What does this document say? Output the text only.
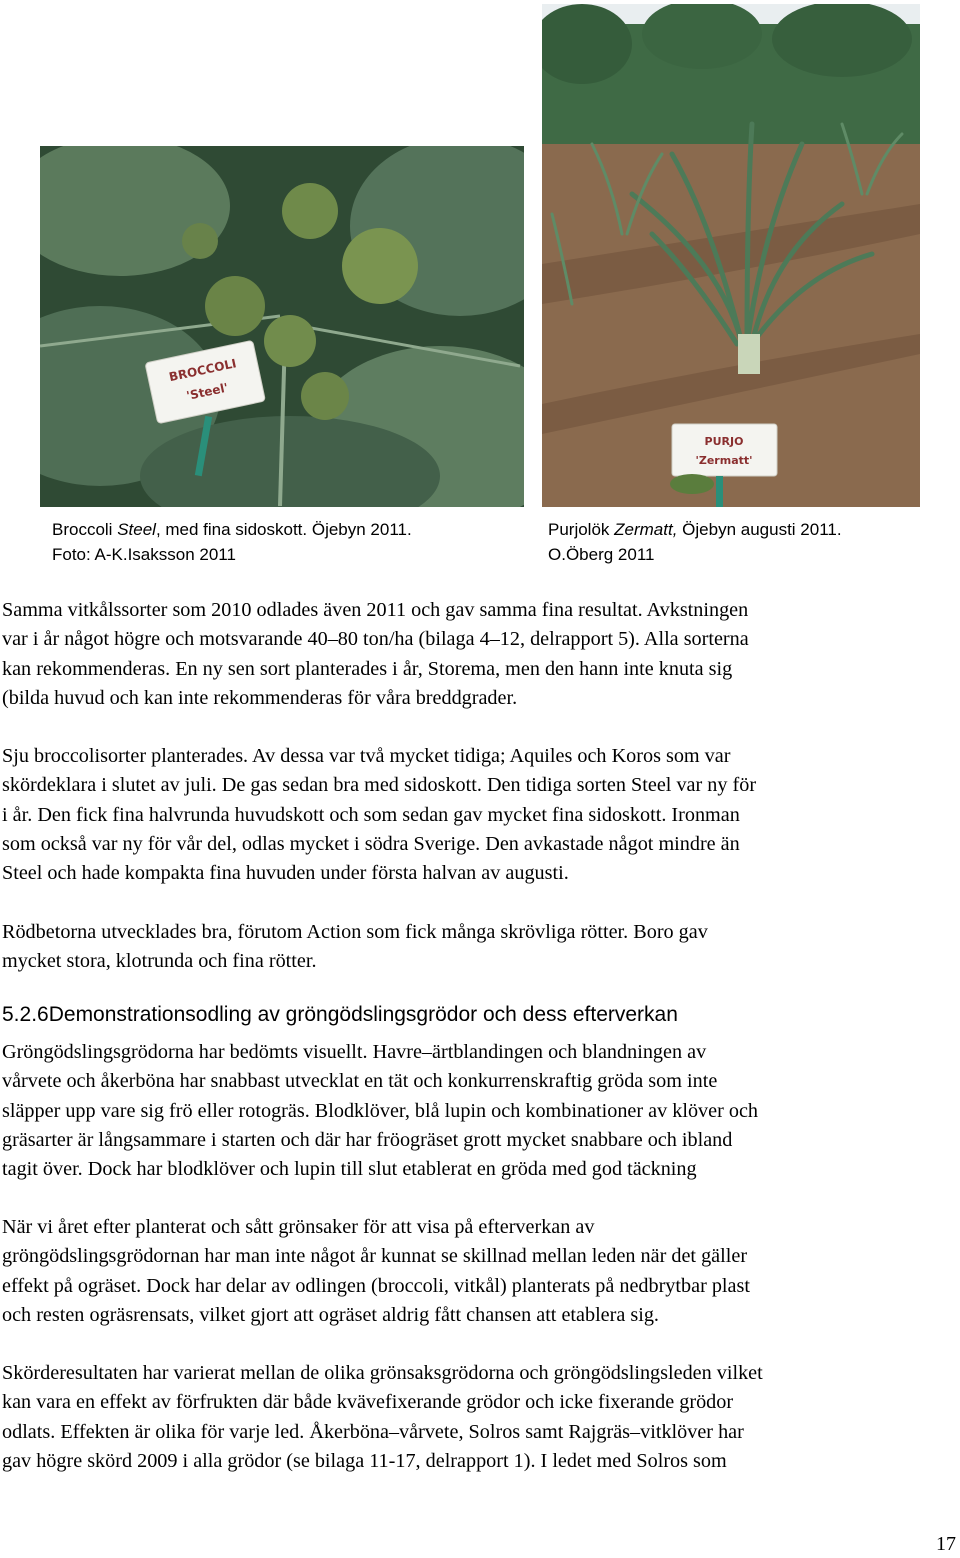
BROCCOLI
'Steel'
PURJO
'Zermatt'
Broccoli Steel, med fina sidoskott. Öjebyn 2011.
Foto: A-K.Isaksson 2011
Purjolök Zermatt, Öjebyn augusti 2011.
O.Öberg 2011
Samma vitkålssorter som 2010 odlades även 2011 och gav samma fina resultat. Avkstningen
var i år något högre och motsvarande 40–80 ton/ha (bilaga 4–12, delrapport 5). Alla sorterna
kan rekommenderas. En ny sen sort planterades i år, Storema, men den hann inte knuta sig
(bilda huvud och kan inte rekommenderas för våra breddgrader.
Sju broccolisorter planterades. Av dessa var två mycket tidiga; Aquiles och Koros som var
skördeklara i slutet av juli. De gas sedan bra med sidoskott. Den tidiga sorten Steel var ny för
i år. Den fick fina halvrunda huvudskott och som sedan gav mycket fina sidoskott. Ironman
som också var ny för vår del, odlas mycket i södra Sverige. Den avkastade något mindre än
Steel och hade kompakta fina huvuden under första halvan av augusti.
Rödbetorna utvecklades bra, förutom Action som fick många skrövliga rötter. Boro gav
mycket stora, klotrunda och fina rötter.
5.2.6Demonstrationsodling av gröngödslingsgrödor och dess efterverkan
Gröngödslingsgrödorna har bedömts visuellt. Havre–ärtblandingen och blandningen av
vårvete och åkerböna har snabbast utvecklat en tät och konkurrenskraftig gröda som inte
släpper upp vare sig frö eller rotogräs. Blodklöver, blå lupin och kombinationer av klöver och
gräsarter är långsammare i starten och där har fröogräset grott mycket snabbare och ibland
tagit över. Dock har blodklöver och lupin till slut etablerat en gröda med god täckning
När vi året efter planterat och sått grönsaker för att visa på efterverkan av
gröngödslingsgrödornan har man inte något år kunnat se skillnad mellan leden när det gäller
effekt på ogräset. Dock har delar av odlingen (broccoli, vitkål) planterats på nedbrytbar plast
och resten ogräsrensats, vilket gjort att ogräset aldrig fått chansen att etablera sig.
Skörderesultaten har varierat mellan de olika grönsaksgrödorna och gröngödslingsleden vilket
kan vara en effekt av förfrukten där både kvävefixerande grödor och icke fixerande grödor
odlats. Effekten är olika för varje led. Åkerböna–vårvete, Solros samt Rajgräs–vitklöver har
gav högre skörd 2009 i alla grödor (se bilaga 11-17, delrapport 1). I ledet med Solros som
17
